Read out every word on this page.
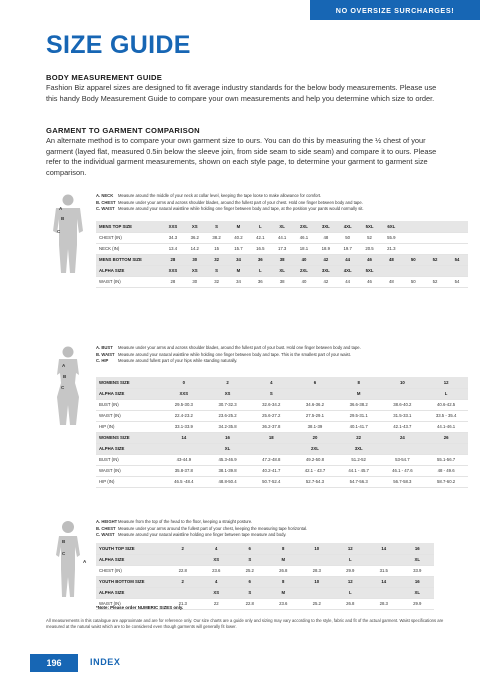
NO OVERSIZE SURCHARGES!
SIZE GUIDE
BODY MEASUREMENT GUIDE

Fashion Biz apparel sizes are designed to fit average industry standards for the below body measurements. Please use this handy Body Measurement Guide to compare your own measurements and help you determine which size to order.

GARMENT TO GARMENT COMPARISON

An alternate method is to compare your own garment size to ours. You can do this by measuring the ½ chest of your garment (layed flat, measured 0.5in below the sleeve join, from side seam to side seam) and compare it to ours. Please refer to the individual garment measurements, shown on each style page, to determine your garment to garment size comparison.

A
B
C
A. NECK	Measure around the middle of your neck at collar level, keeping the tape loose to make allowance for comfort.
B. CHEST Measure under your arms and across shoulder blades, around the fullest part of your chest. Hold one finger between body and tape.
C. WAIST Measure around your natural waistline while holding one finger between body and tape, at the position your pants would normally sit.
MENS TOP SIZE	XXS	XS	S	M	L	XL	2XL	3XL	4XL	5XL	6XL			
CHEST (IN)	34.3	36.2	38.2	40.2	42.1	44.1	46.1	48	50	52	55.9			
NECK (IN)	13.4	14.2	15	15.7	16.5	17.3	18.1	18.9	19.7	20.5	21.3			
MENS BOTTOM SIZE	28	30	32	34	36	38	40	42	44	46	48	50	52	54
ALPHA SIZE	XXS	XS	S	M	L	XL	2XL	3XL	4XL	5XL				
WAIST (IN)	28	30	32	34	36	38	40	42	44	46	48	50	52	54
A
B
C
A. BUST	Measure under your arms and across shoulder blades, around the fullest part of your bust. Hold one finger between body and tape.
B. WAIST Measure around your natural waistline while holding one finger between body and tape. This is the smallest part of your waist.
C. HIP	Measure around fullest part of your hips while standing naturally.
WOMENS SIZE	0	2	4	6	8	10	12
ALPHA SIZE	XXS	XS	S		M		L
BUST (IN)	29.5-30.3	30.7-32.3	32.6-34.2	34.6-36.2	36.6-38.2	38.6-40.2	40.6-42.5
WAIST (IN)	22.4-23.2	23.6-25.2	25.6-27.2	27.5-29.1	29.5-31.1	31.5-33.1	33.5 - 35.4
HIP (IN)	33.1-33.9	34.2-35.8	36.2-37.8	38.1-39	40.1-41.7	42.1-43.7	44.1-46.1
WOMENS SIZE	14	16	18	20	22	24	26
ALPHA SIZE		XL		2XL	3XL		
BUST (IN)	43-44.9	45.3-46.9	47.2-48.8	49.2-50.8	51.2-52	53-54.7	55.1-56.7
WAIST (IN)	35.8-37.8	38.1-39.8	40.2-41.7	42.1 - 43.7	44.1 - 45.7	46.1 - 47.6	48 - 49.6
HIP (IN)	46.5 -48.4	48.8-50.4	50.7-52.4	52.7-54.3	54.7-56.3	56.7-58.3	58.7-60.2
B
C
A
A. HEIGHT Measure from the top of the head to the floor, keeping a straight posture.
B. CHEST Measure under your arms around the fullest part of your chest, keeping the measuring tape horizontal.
C. WAIST Measure around your natural waistline holding one finger between tape measure and body.
YOUTH TOP SIZE	2	4	6	8	10	12	14	16
ALPHA SIZE		XS	S	M		L		XL
CHEST (IN)	22.8	23.6	25.2	26.8	28.3	29.9	31.5	33.9
YOUTH BOTTOM SIZE	2	4	6	8	10	12	14	16
ALPHA SIZE		XS	S	M		L		XL
WAIST (IN)	21.3	22	22.8	23.6	25.2	26.8	28.3	29.9
*Note: Please order NUMERIC SIZES only.

All measurements in this catalogue are approximate and are for reference only. Our size charts are a guide only and sizing may vary according to the style, fabric and fit of the actual garment. Waist specifications are measured at the natural waist which are to be considered even though garments will generally fit lower.

196	INDEX
